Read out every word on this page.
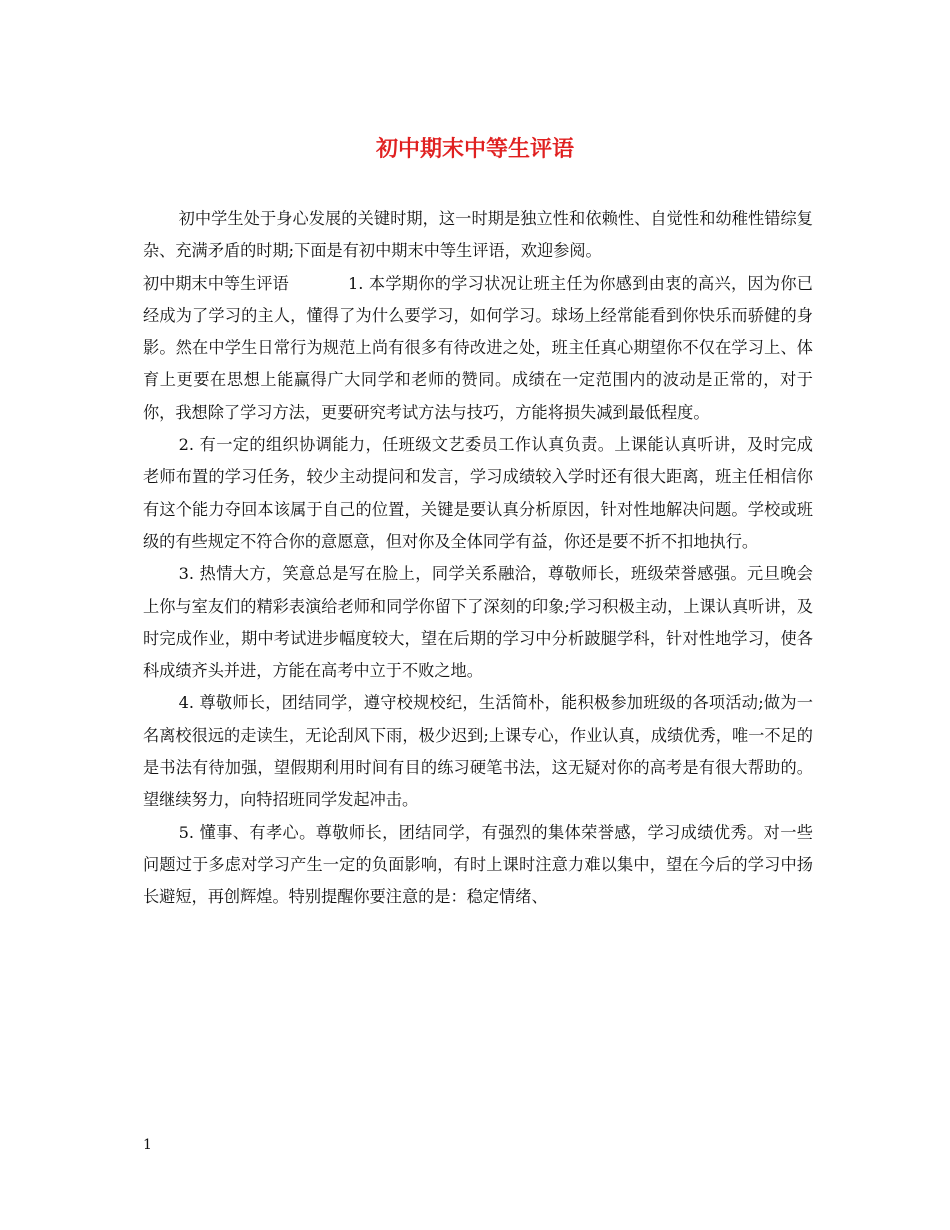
初中期末中等生评语

初中学生处于身心发展的关键时期，这一时期是独立性和依赖性、自觉性和幼稚性错综复杂、充满矛盾的时期;下面是有初中期末中等生评语，欢迎参阅。

初中期末中等生评语	1. 本学期你的学习状况让班主任为你感到由衷的高兴，因为你已经成为了学习的主人，懂得了为什么要学习，如何学习。球场上经常能看到你快乐而骄健的身影。然在中学生日常行为规范上尚有很多有待改进之处，班主任真心期望你不仅在学习上、体育上更要在思想上能赢得广大同学和老师的赞同。成绩在一定范围内的波动是正常的，对于你，我想除了学习方法，更要研究考试方法与技巧，方能将损失减到最低程度。

2. 有一定的组织协调能力，任班级文艺委员工作认真负责。上课能认真听讲，及时完成老师布置的学习任务，较少主动提问和发言，学习成绩较入学时还有很大距离，班主任相信你有这个能力夺回本该属于自己的位置，关键是要认真分析原因，针对性地解决问题。学校或班级的有些规定不符合你的意愿意，但对你及全体同学有益，你还是要不折不扣地执行。

3. 热情大方，笑意总是写在脸上，同学关系融洽，尊敬师长，班级荣誉感强。元旦晚会上你与室友们的精彩表演给老师和同学你留下了深刻的印象;学习积极主动，上课认真听讲，及时完成作业，期中考试进步幅度较大，望在后期的学习中分析跛腿学科，针对性地学习，使各科成绩齐头并进，方能在高考中立于不败之地。

4. 尊敬师长，团结同学，遵守校规校纪，生活简朴，能积极参加班级的各项活动;做为一名离校很远的走读生，无论刮风下雨，极少迟到;上课专心，作业认真，成绩优秀，唯一不足的是书法有待加强，望假期利用时间有目的练习硬笔书法，这无疑对你的高考是有很大帮助的。望继续努力，向特招班同学发起冲击。

5. 懂事、有孝心。尊敬师长，团结同学，有强烈的集体荣誉感，学习成绩优秀。对一些问题过于多虑对学习产生一定的负面影响，有时上课时注意力难以集中，望在今后的学习中扬长避短，再创辉煌。特别提醒你要注意的是：稳定情绪、

1
